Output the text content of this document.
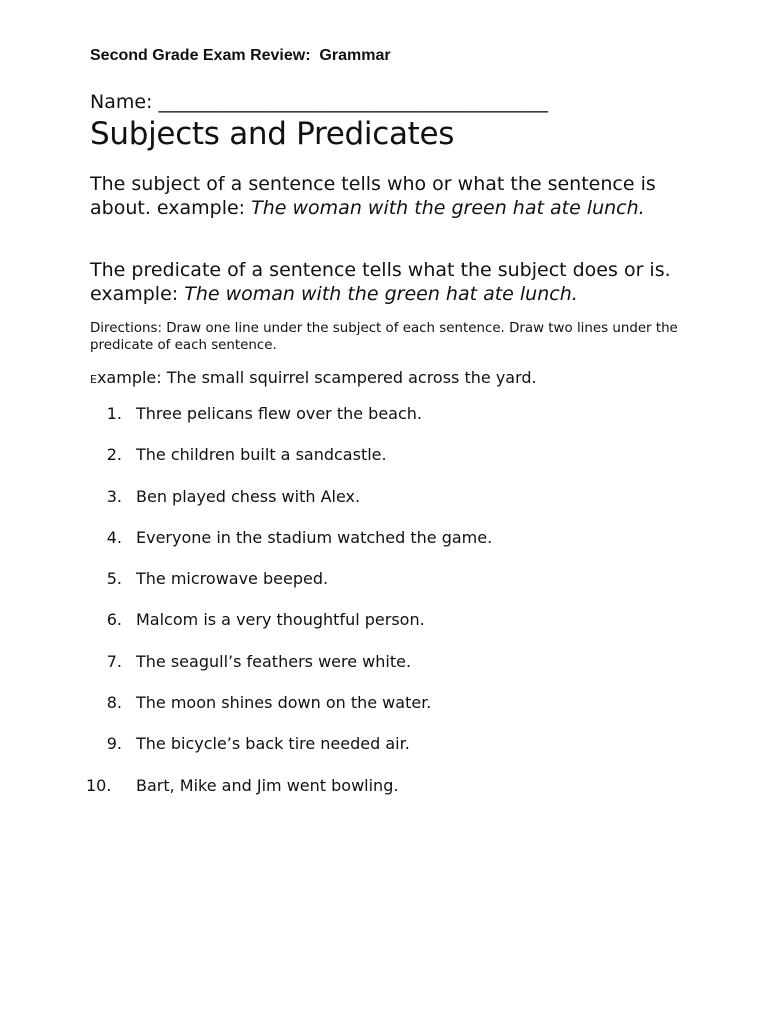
Second Grade Exam Review:  Grammar
Name: _________________________________________
Subjects and Predicates

The subject of a sentence tells who or what the sentence is about. example: The woman with the green hat ate lunch.

The predicate of a sentence tells what the subject does or is. example: The woman with the green hat ate lunch.

Directions: Draw one line under the subject of each sentence. Draw two lines under the predicate of each sentence.

Example: The small squirrel scampered across the yard.
1. Three pelicans flew over the beach.
2. The children built a sandcastle.
3. Ben played chess with Alex.
4. Everyone in the stadium watched the game.
5. The microwave beeped.
6. Malcom is a very thoughtful person.
7. The seagull’s feathers were white.
8. The moon shines down on the water.
9. The bicycle’s back tire needed air.
10.	Bart, Mike and Jim went bowling.
